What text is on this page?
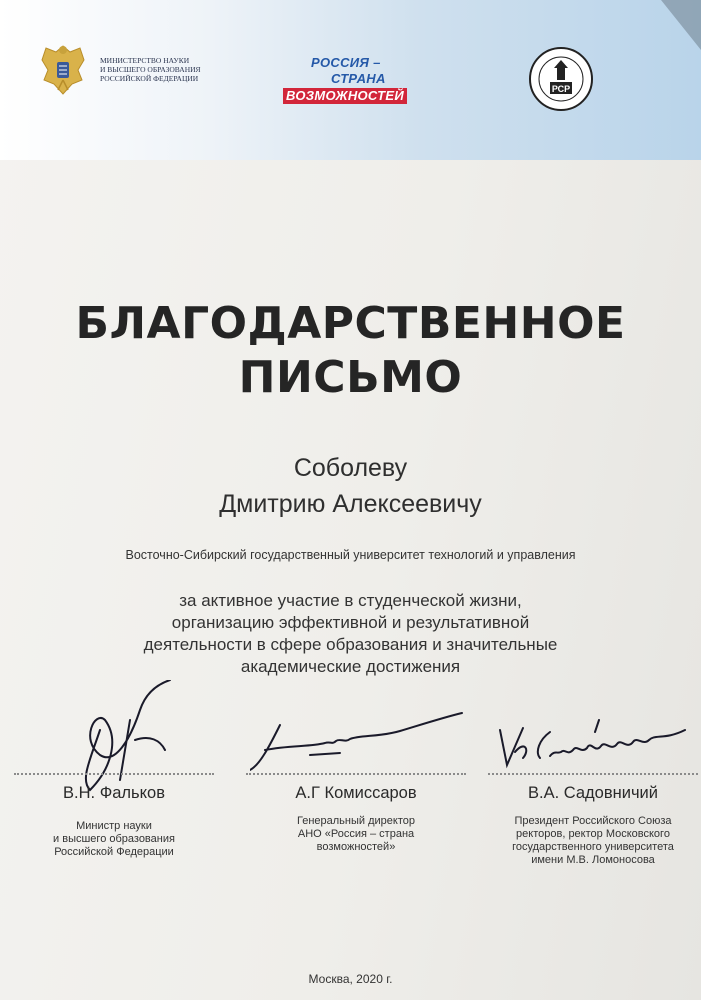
МИНИСТЕРСТВО НАУКИ
И ВЫСШЕГО ОБРАЗОВАНИЯ
РОССИЙСКОЙ ФЕДЕРАЦИИ
РОССИЯ –
СТРАНА
ВОЗМОЖНОСТЕЙ	РСР
БЛАГОДАРСТВЕННОЕ
ПИСЬМО
Соболеву
Дмитрию Алексеевичу
Восточно-Сибирский государственный университет технологий и управления
за активное участие в студенческой жизни,
организацию эффективной и результативной
деятельности в сфере образования и значительные
академические достижения
В.Н. Фальков	А.Г Комиссаров	В.А. Садовничий
Министр науки
и высшего образования
Российской Федерации
Генеральный директор
АНО «Россия – страна
возможностей»
Президент Российского Союза
ректоров, ректор Московского
государственного университета
имени М.В. Ломоносова
Москва, 2020 г.
